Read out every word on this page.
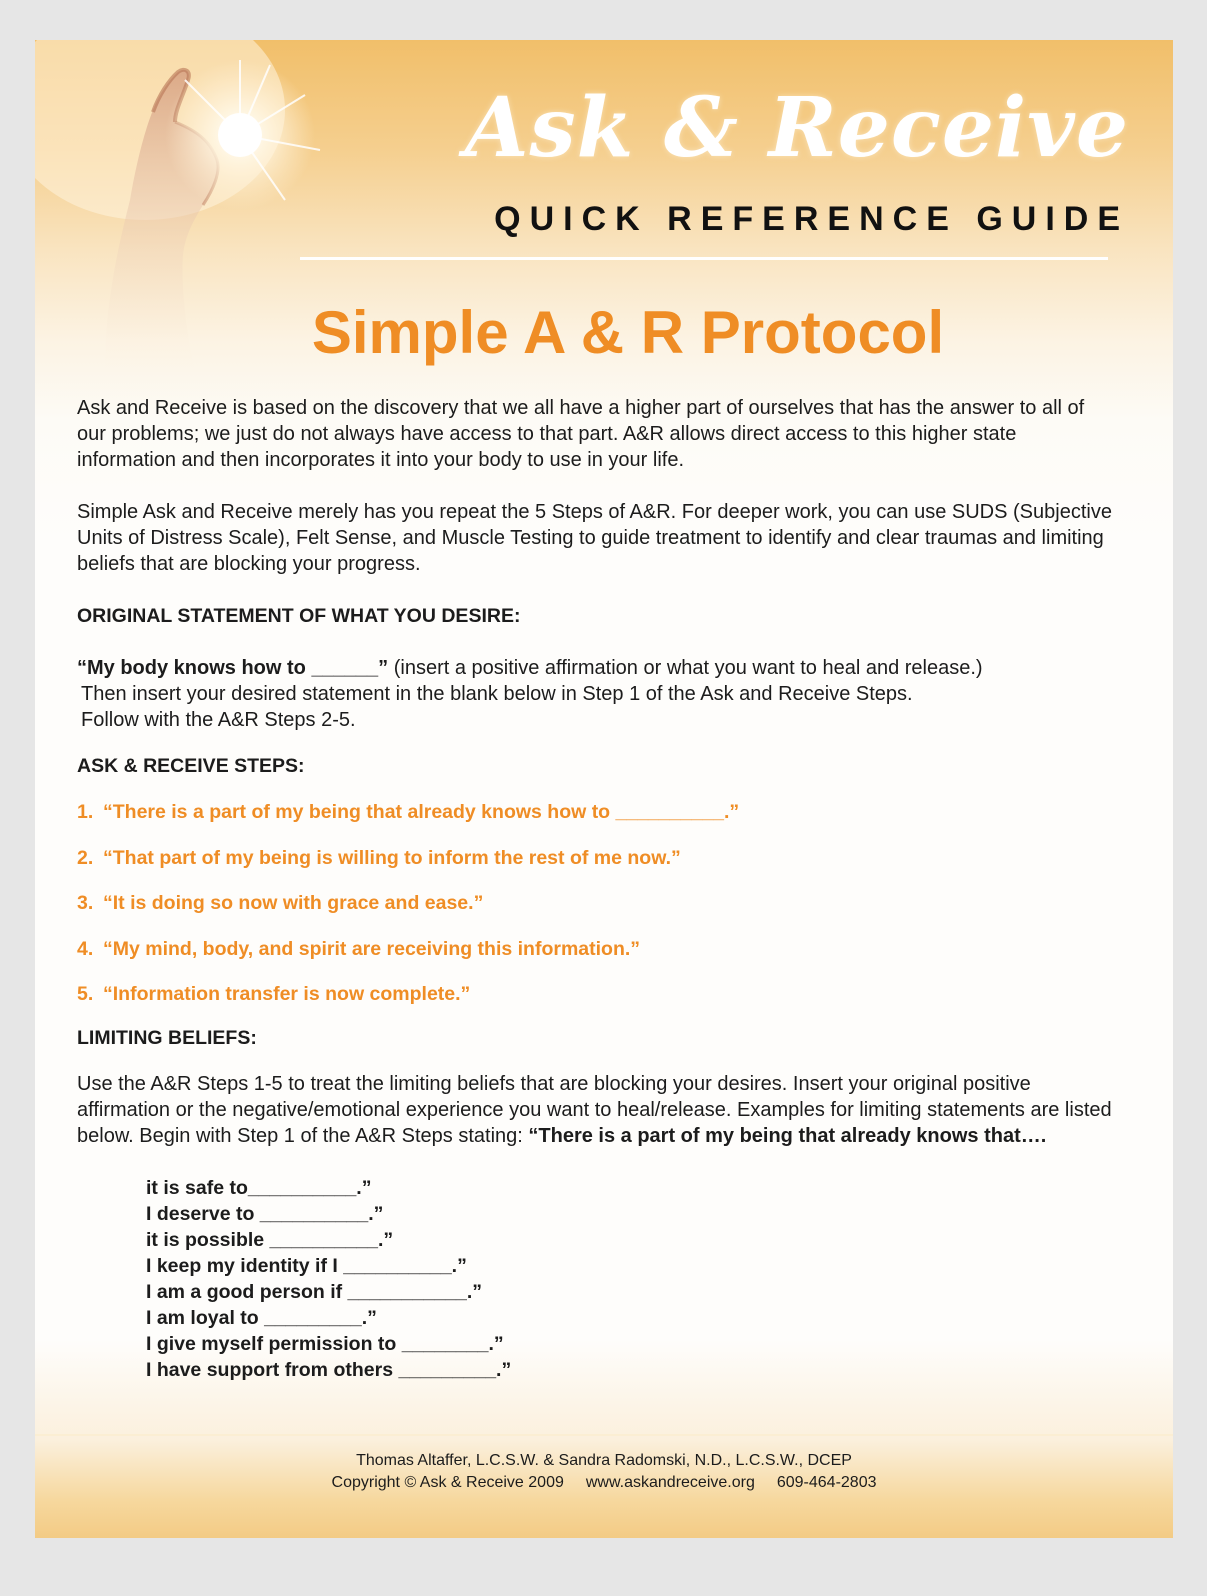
Ask & Receive
QUICK REFERENCE GUIDE
Simple A & R Protocol

Ask and Receive is based on the discovery that we all have a higher part of ourselves that has the answer to all of our problems; we just do not always have access to that part. A&R allows direct access to this higher state information and then incorporates it into your body to use in your life.

Simple Ask and Receive merely has you repeat the 5 Steps of A&R. For deeper work, you can use SUDS (Subjective Units of Distress Scale), Felt Sense, and Muscle Testing to guide treatment to identify and clear traumas and limiting beliefs that are blocking your progress.

ORIGINAL STATEMENT OF WHAT YOU DESIRE:

“My body knows how to ______” (insert a positive affirmation or what you want to heal and release.)

Then insert your desired statement in the blank below in Step 1 of the Ask and Receive Steps.

Follow with the A&R Steps 2-5.

ASK & RECEIVE STEPS:

1. “There is a part of my being that already knows how to __________.”
2. “That part of my being is willing to inform the rest of me now.”
3. “It is doing so now with grace and ease.”
4. “My mind, body, and spirit are receiving this information.”
5. “Information transfer is now complete.”

LIMITING BELIEFS:

Use the A&R Steps 1-5 to treat the limiting beliefs that are blocking your desires. Insert your original positive affirmation or the negative/emotional experience you want to heal/release. Examples for limiting statements are listed below. Begin with Step 1 of the A&R Steps stating: “There is a part of my being that already knows that….

it is safe to__________.”
I deserve to __________.”
it is possible __________.”
I keep my identity if I __________.”
I am a good person if ___________.”
I am loyal to _________.”
I give myself permission to ________.”
I have support from others _________.”
Thomas Altaffer, L.C.S.W. & Sandra Radomski, N.D., L.C.S.W., DCEP
Copyright © Ask & Receive 2009 www.askandreceive.org 609-464-2803
